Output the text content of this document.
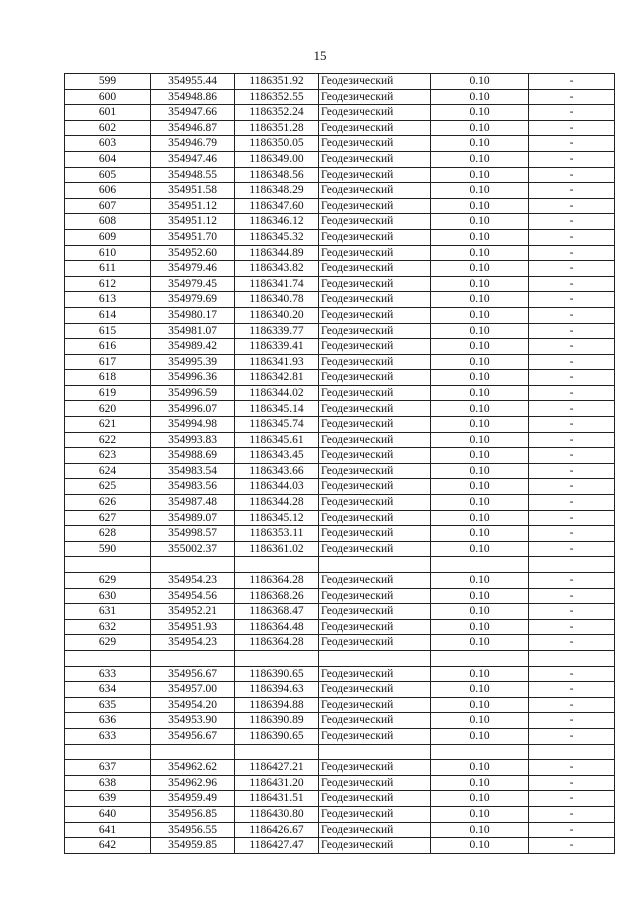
15
599	354955.44	1186351.92	Геодезический	0.10	-
600	354948.86	1186352.55	Геодезический	0.10	-
601	354947.66	1186352.24	Геодезический	0.10	-
602	354946.87	1186351.28	Геодезический	0.10	-
603	354946.79	1186350.05	Геодезический	0.10	-
604	354947.46	1186349.00	Геодезический	0.10	-
605	354948.55	1186348.56	Геодезический	0.10	-
606	354951.58	1186348.29	Геодезический	0.10	-
607	354951.12	1186347.60	Геодезический	0.10	-
608	354951.12	1186346.12	Геодезический	0.10	-
609	354951.70	1186345.32	Геодезический	0.10	-
610	354952.60	1186344.89	Геодезический	0.10	-
611	354979.46	1186343.82	Геодезический	0.10	-
612	354979.45	1186341.74	Геодезический	0.10	-
613	354979.69	1186340.78	Геодезический	0.10	-
614	354980.17	1186340.20	Геодезический	0.10	-
615	354981.07	1186339.77	Геодезический	0.10	-
616	354989.42	1186339.41	Геодезический	0.10	-
617	354995.39	1186341.93	Геодезический	0.10	-
618	354996.36	1186342.81	Геодезический	0.10	-
619	354996.59	1186344.02	Геодезический	0.10	-
620	354996.07	1186345.14	Геодезический	0.10	-
621	354994.98	1186345.74	Геодезический	0.10	-
622	354993.83	1186345.61	Геодезический	0.10	-
623	354988.69	1186343.45	Геодезический	0.10	-
624	354983.54	1186343.66	Геодезический	0.10	-
625	354983.56	1186344.03	Геодезический	0.10	-
626	354987.48	1186344.28	Геодезический	0.10	-
627	354989.07	1186345.12	Геодезический	0.10	-
628	354998.57	1186353.11	Геодезический	0.10	-
590	355002.37	1186361.02	Геодезический	0.10	-

629	354954.23	1186364.28	Геодезический	0.10	-
630	354954.56	1186368.26	Геодезический	0.10	-
631	354952.21	1186368.47	Геодезический	0.10	-
632	354951.93	1186364.48	Геодезический	0.10	-
629	354954.23	1186364.28	Геодезический	0.10	-

633	354956.67	1186390.65	Геодезический	0.10	-
634	354957.00	1186394.63	Геодезический	0.10	-
635	354954.20	1186394.88	Геодезический	0.10	-
636	354953.90	1186390.89	Геодезический	0.10	-
633	354956.67	1186390.65	Геодезический	0.10	-

637	354962.62	1186427.21	Геодезический	0.10	-
638	354962.96	1186431.20	Геодезический	0.10	-
639	354959.49	1186431.51	Геодезический	0.10	-
640	354956.85	1186430.80	Геодезический	0.10	-
641	354956.55	1186426.67	Геодезический	0.10	-
642	354959.85	1186427.47	Геодезический	0.10	-
